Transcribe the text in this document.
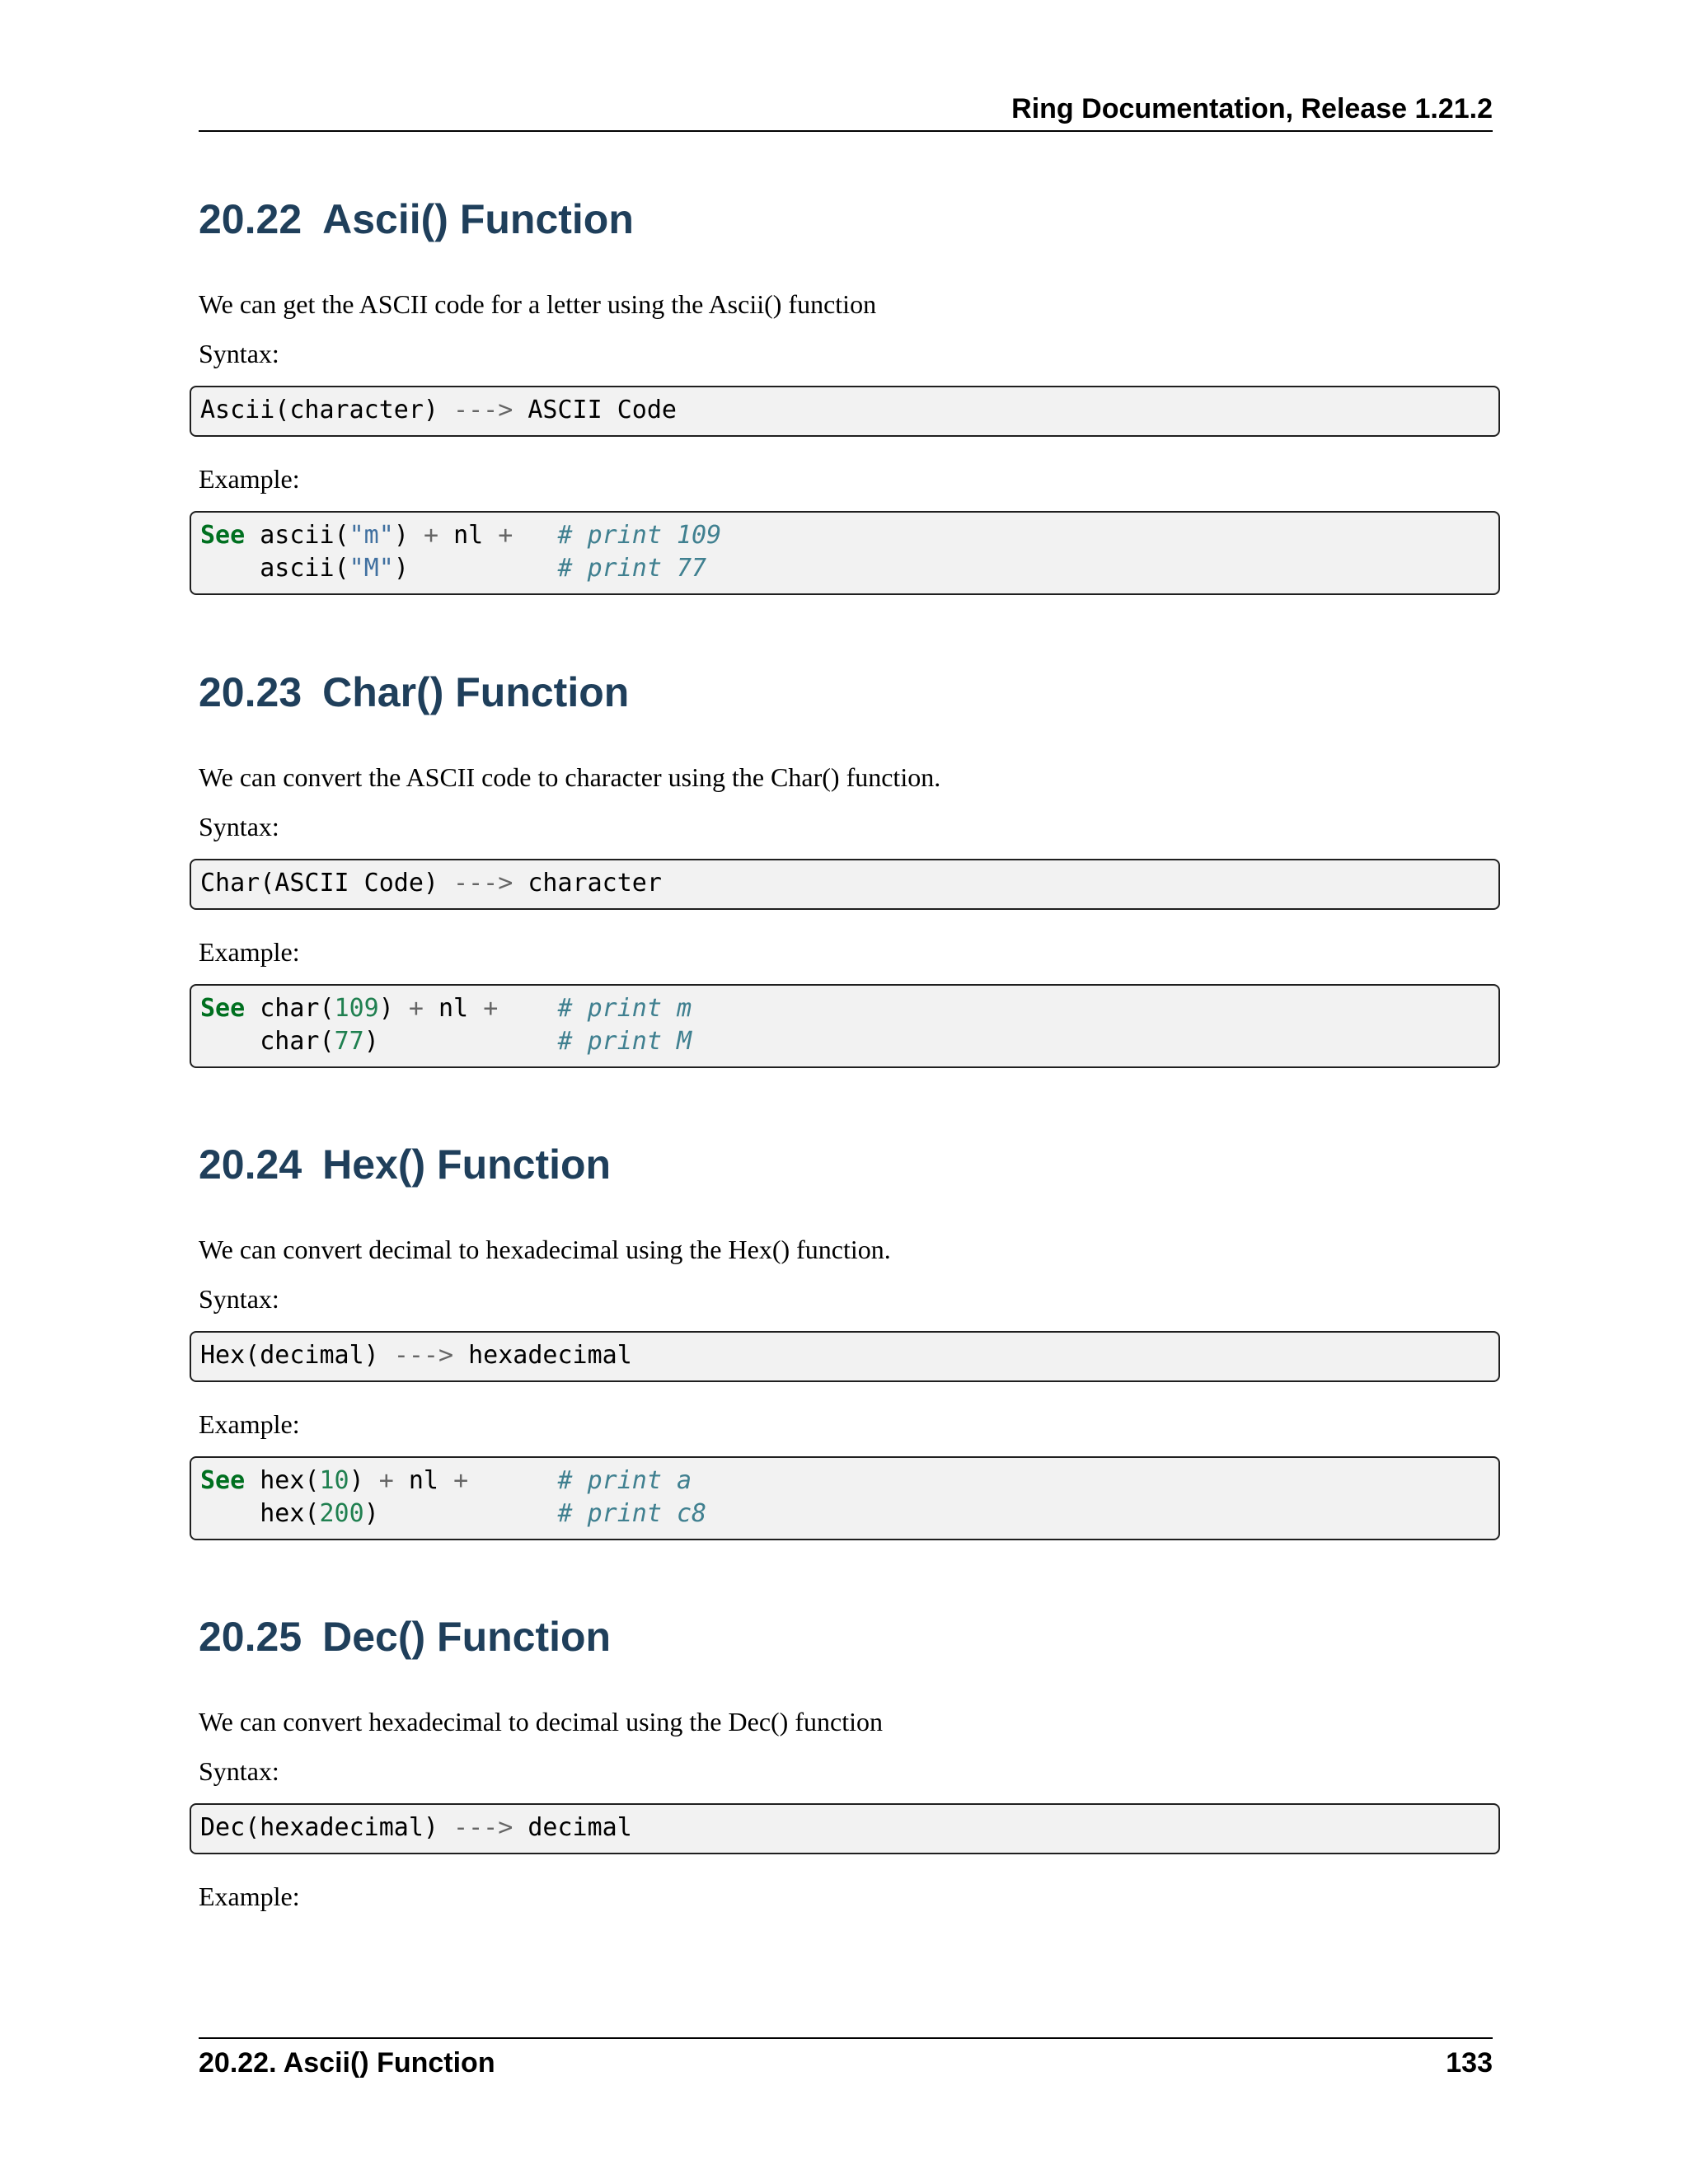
Ring Documentation, Release 1.21.2
20.22 Ascii() Function

We can get the ASCII code for a letter using the Ascii() function

Syntax:

Ascii(character) ---> ASCII Code

Example:

See ascii("m") + nl + # print 109
ascii("M")	# print 77
20.23 Char() Function

We can convert the ASCII code to character using the Char() function.

Syntax:

Char(ASCII Code) ---> character

Example:

See char(109) + nl + # print m
char(77)	# print M
20.24 Hex() Function

We can convert decimal to hexadecimal using the Hex() function.

Syntax:

Hex(decimal) ---> hexadecimal

Example:

See hex(10) + nl +	# print a
hex(200)	# print c8
20.25 Dec() Function

We can convert hexadecimal to decimal using the Dec() function

Syntax:

Dec(hexadecimal) ---> decimal

Example:

20.22. Ascii() Function	133
